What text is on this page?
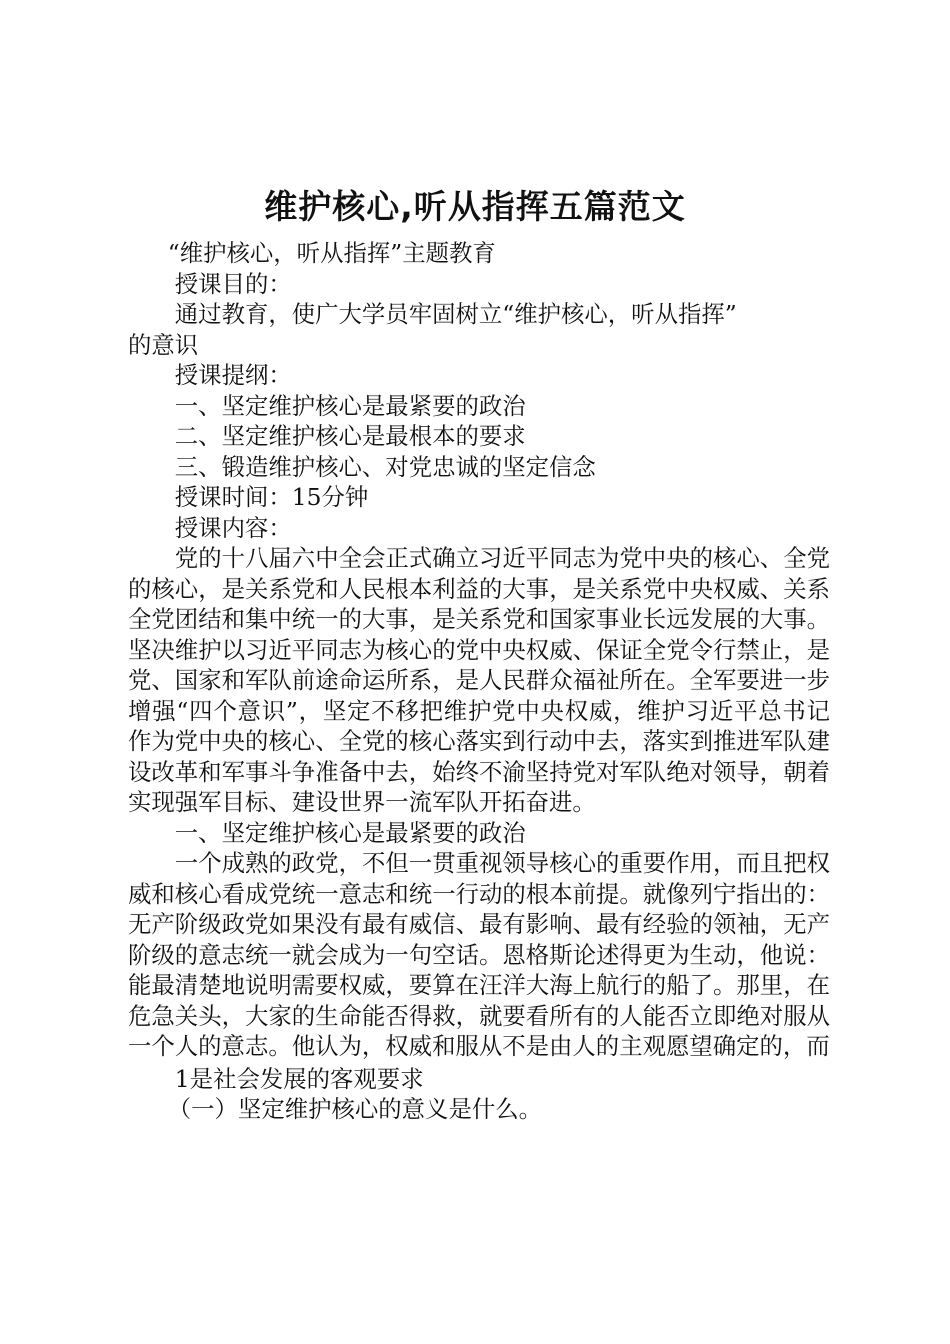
维护核心,听从指挥五篇范文

“维护核心，听从指挥”主题教育

授课目的：

通过教育，使广大学员牢固树立“维护核心，听从指挥”

的意识

授课提纲：

一、坚定维护核心是最紧要的政治

二、坚定维护核心是最根本的要求

三、锻造维护核心、对党忠诚的坚定信念

授课时间：15分钟

授课内容：

党的十八届六中全会正式确立习近平同志为党中央的核心、全党的核心，是关系党和人民根本利益的大事，是关系党中央权威、关系全党团结和集中统一的大事，是关系党和国家事业长远发展的大事。坚决维护以习近平同志为核心的党中央权威、保证全党令行禁止，是党、国家和军队前途命运所系，是人民群众福祉所在。全军要进一步增强“四个意识”，坚定不移把维护党中央权威，维护习近平总书记作为党中央的核心、全党的核心落实到行动中去，落实到推进军队建设改革和军事斗争准备中去，始终不渝坚持党对军队绝对领导，朝着实现强军目标、建设世界一流军队开拓奋进。

一、坚定维护核心是最紧要的政治

一个成熟的政党，不但一贯重视领导核心的重要作用，而且把权威和核心看成党统一意志和统一行动的根本前提。就像列宁指出的：无产阶级政党如果没有最有威信、最有影响、最有经验的领袖，无产阶级的意志统一就会成为一句空话。恩格斯论述得更为生动，他说：能最清楚地说明需要权威，要算在汪洋大海上航行的船了。那里，在危急关头，大家的生命能否得救，就要看所有的人能否立即绝对服从一个人的意志。他认为，权威和服从不是由人的主观愿望确定的，而

1是社会发展的客观要求

（一）坚定维护核心的意义是什么。
